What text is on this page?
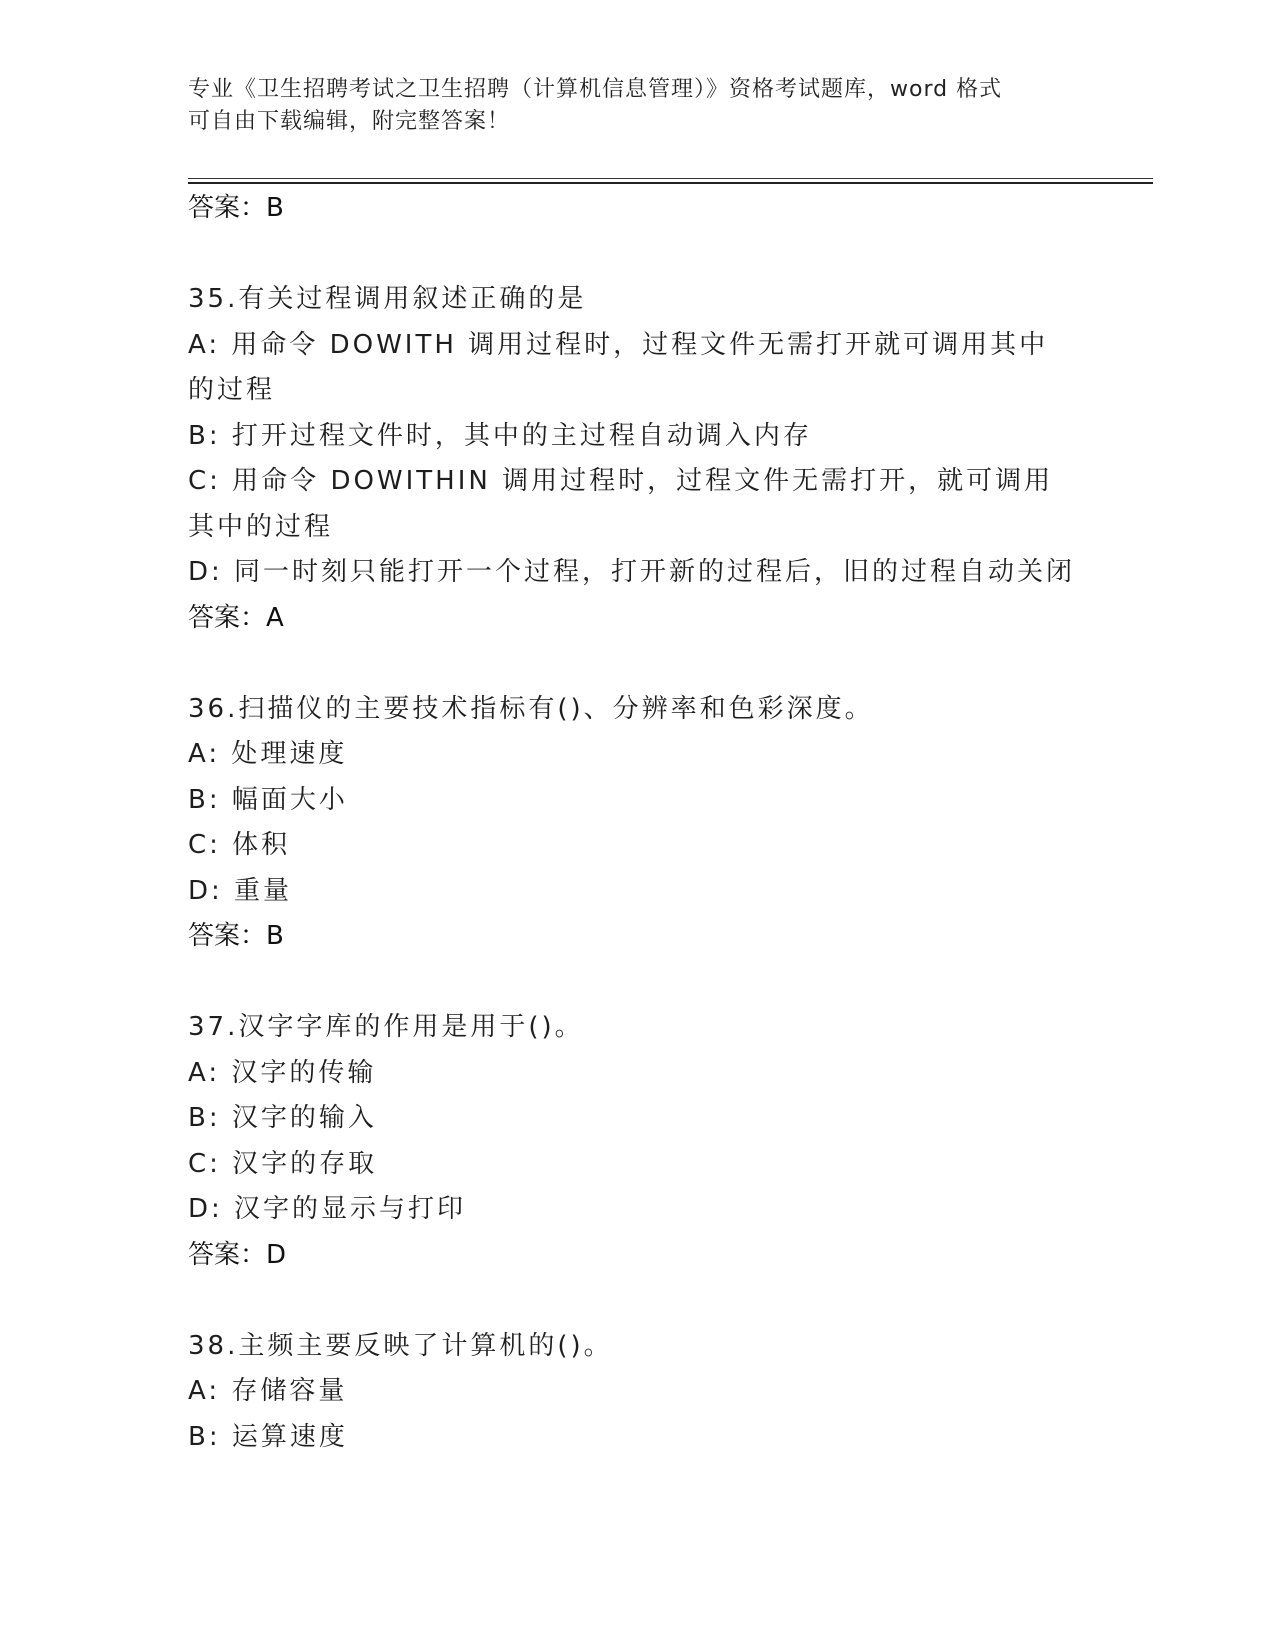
专业《卫生招聘考试之卫生招聘（计算机信息管理）》资格考试题库，word 格式
可自由下载编辑，附完整答案！
答案：B
35.有关过程调用叙述正确的是
A: 用命令 DOWITH 调用过程时，过程文件无需打开就可调用其中的过程
B: 打开过程文件时，其中的主过程自动调入内存
C: 用命令 DOWITHIN 调用过程时，过程文件无需打开，就可调用其中的过程
D: 同一时刻只能打开一个过程，打开新的过程后，旧的过程自动关闭
答案：A
36.扫描仪的主要技术指标有()、分辨率和色彩深度。
A: 处理速度
B: 幅面大小
C: 体积
D: 重量
答案：B
37.汉字字库的作用是用于()。
A: 汉字的传输
B: 汉字的输入
C: 汉字的存取
D: 汉字的显示与打印
答案：D
38.主频主要反映了计算机的()。
A: 存储容量
B: 运算速度
